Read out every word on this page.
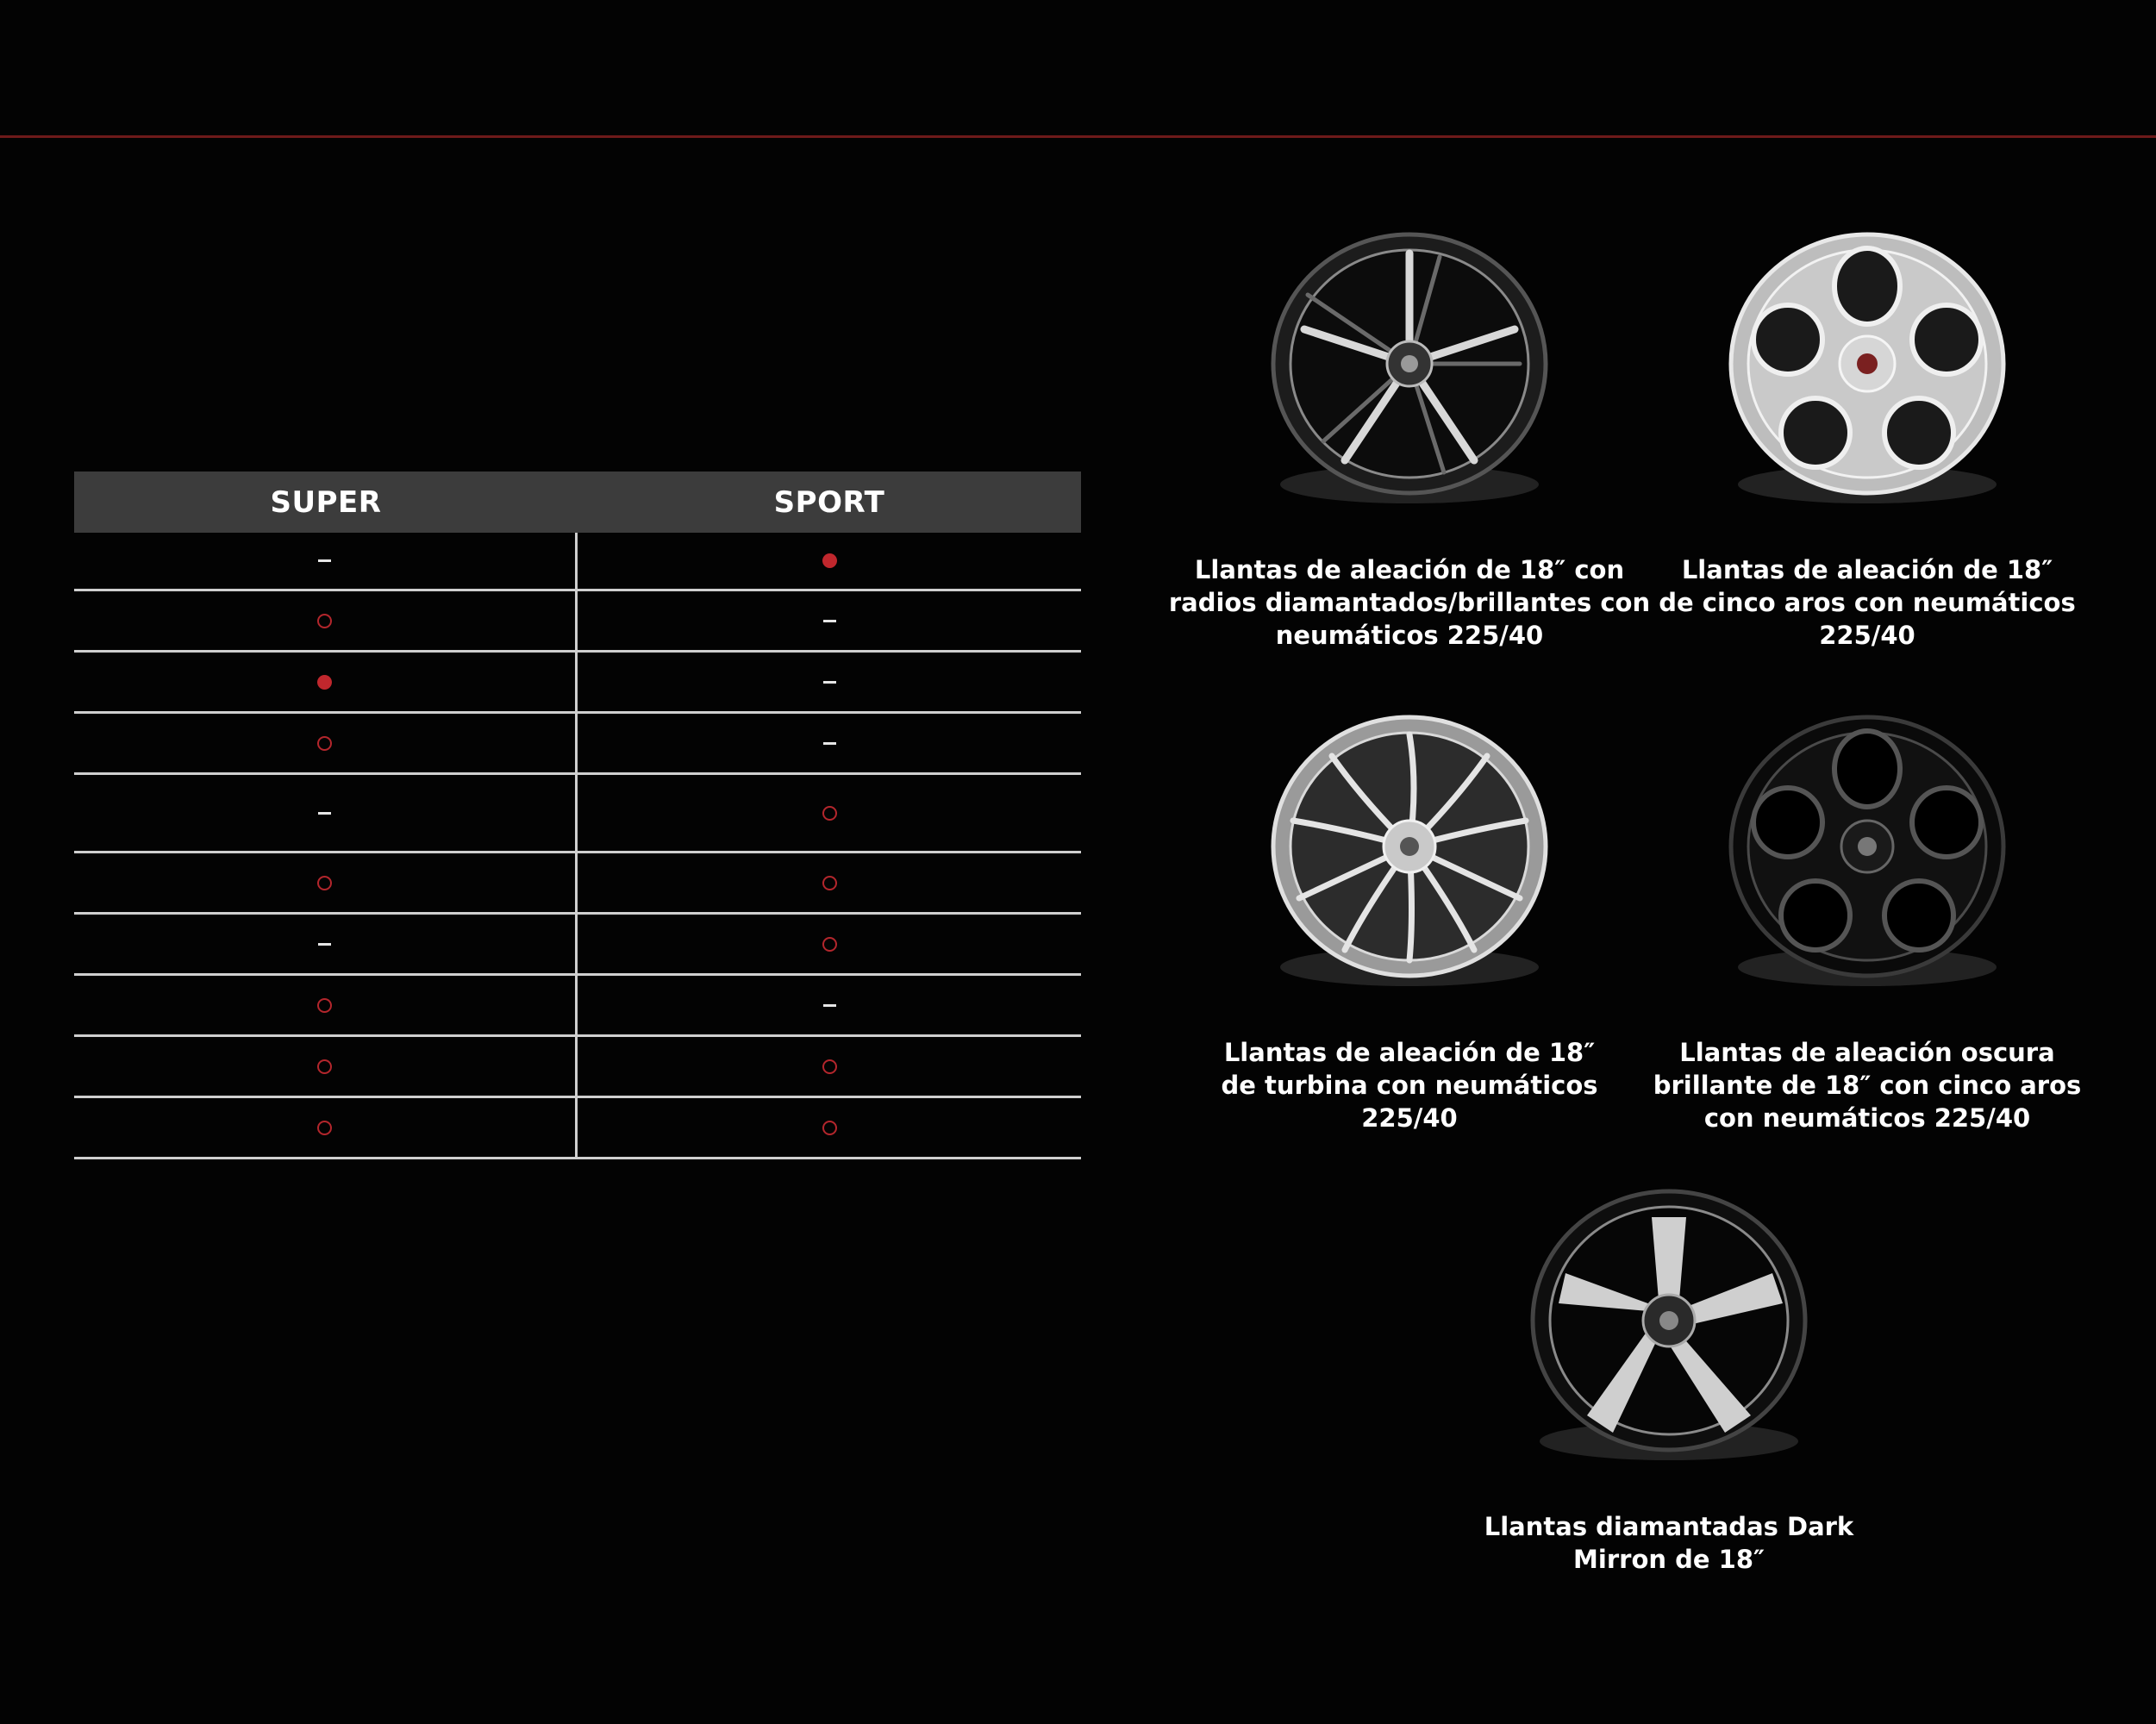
SUPER	SPORT
Llantas de aleación de 18″ con
radios diamantados/brillantes con
neumáticos 225/40
Llantas de aleación de 18″
de cinco aros con neumáticos
225/40
Llantas de aleación de 18″
de turbina con neumáticos
225/40
Llantas de aleación oscura
brillante de 18″ con cinco aros
con neumáticos 225/40
Llantas diamantadas Dark
Mirron de 18″
